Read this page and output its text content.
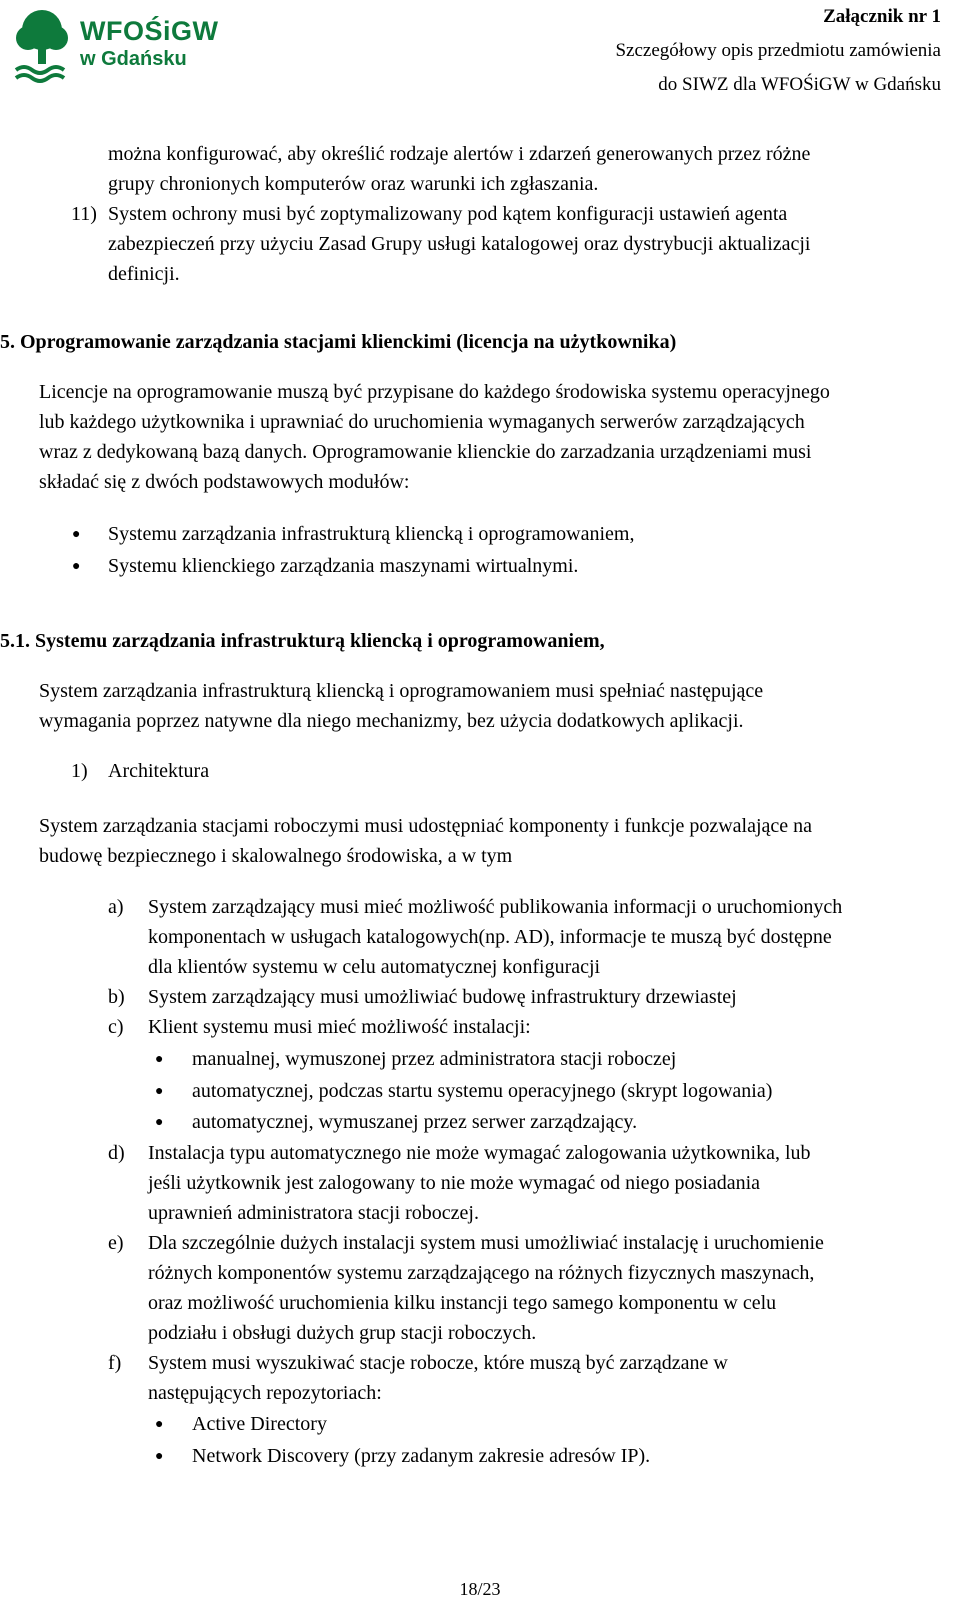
WFOŚiGW
w Gdańsku
Załącznik nr 1
Szczegółowy opis przedmiotu zamówienia
do SIWZ dla WFOŚiGW w Gdańsku

można konfigurować, aby określić rodzaje alertów i zdarzeń generowanych przez różne

grupy chronionych komputerów oraz warunki ich zgłaszania.

11) System ochrony musi być zoptymalizowany pod kątem konfiguracji ustawień agenta

zabezpieczeń przy użyciu Zasad Grupy usługi katalogowej oraz dystrybucji aktualizacji

definicji.

5. Oprogramowanie zarządzania stacjami klienckimi (licencja na użytkownika)

Licencje na oprogramowanie muszą być przypisane do każdego środowiska systemu operacyjnego

lub każdego użytkownika i uprawniać do uruchomienia wymaganych serwerów zarządzających

wraz z dedykowaną bazą danych. Oprogramowanie klienckie do zarzadzania urządzeniami musi

składać się z dwóch podstawowych modułów:

● Systemu zarządzania infrastrukturą kliencką i oprogramowaniem,
● Systemu klienckiego zarządzania maszynami wirtualnymi.
5.1. Systemu zarządzania infrastrukturą kliencką i oprogramowaniem,

System zarządzania infrastrukturą kliencką i oprogramowaniem musi spełniać następujące

wymagania poprzez natywne dla niego mechanizmy, bez użycia dodatkowych aplikacji.

1) Architektura

System zarządzania stacjami roboczymi musi udostępniać komponenty i funkcje pozwalające na

budowę bezpiecznego i skalowalnego środowiska, a w tym

a) System zarządzający musi mieć możliwość publikowania informacji o uruchomionych

komponentach w usługach katalogowych(np. AD), informacje te muszą być dostępne

dla klientów systemu w celu automatycznej konfiguracji

b) System zarządzający musi umożliwiać budowę infrastruktury drzewiastej
c) Klient systemu musi mieć możliwość instalacji:
● manualnej, wymuszonej przez administratora stacji roboczej
● automatycznej, podczas startu systemu operacyjnego (skrypt logowania)
● automatycznej, wymuszanej przez serwer zarządzający.
d) Instalacja typu automatycznego nie może wymagać zalogowania użytkownika, lub

jeśli użytkownik jest zalogowany to nie może wymagać od niego posiadania

uprawnień administratora stacji roboczej.

e) Dla szczególnie dużych instalacji system musi umożliwiać instalację i uruchomienie

różnych komponentów systemu zarządzającego na różnych fizycznych maszynach,

oraz możliwość uruchomienia kilku instancji tego samego komponentu w celu

podziału i obsługi dużych grup stacji roboczych.

f) System musi wyszukiwać stacje robocze, które muszą być zarządzane w

następujących repozytoriach:

● Active Directory
● Network Discovery (przy zadanym zakresie adresów IP).
18/23
